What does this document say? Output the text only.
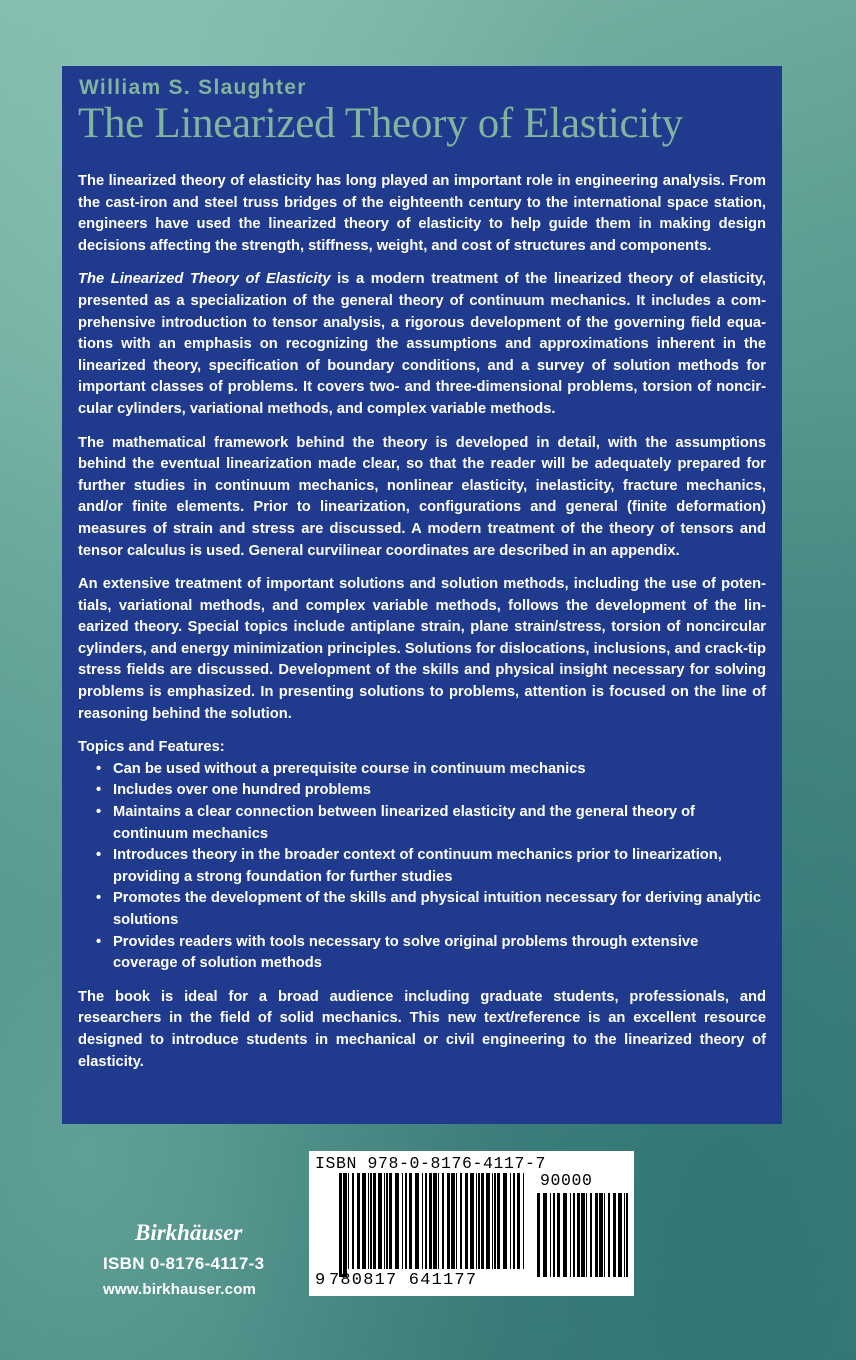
William S. Slaughter
The Linearized Theory of Elasticity

The linearized theory of elasticity has long played an important role in engineering analysis. From the cast-iron and steel truss bridges of the eighteenth century to the international space station, engineers have used the linearized theory of elasticity to help guide them in making design decisions affecting the strength, stiffness, weight, and cost of structures and components.

The Linearized Theory of Elasticity is a modern treatment of the linearized theory of elasticity, presented as a specialization of the general theory of continuum mechanics. It includes a comprehensive introduction to tensor analysis, a rigorous development of the governing field equations with an emphasis on recognizing the assumptions and approximations inherent in the linearized theory, specification of boundary conditions, and a survey of solution methods for important classes of problems. It covers two- and three-dimensional problems, torsion of noncircular cylinders, variational methods, and complex variable methods.

The mathematical framework behind the theory is developed in detail, with the assumptions behind the eventual linearization made clear, so that the reader will be adequately prepared for further studies in continuum mechanics, nonlinear elasticity, inelasticity, fracture mechanics, and/or finite elements. Prior to linearization, configurations and general (finite deformation) measures of strain and stress are discussed. A modern treatment of the theory of tensors and tensor calculus is used. General curvilinear coordinates are described in an appendix.

An extensive treatment of important solutions and solution methods, including the use of potentials, variational methods, and complex variable methods, follows the development of the linearized theory. Special topics include antiplane strain, plane strain/stress, torsion of noncircular cylinders, and energy minimization principles. Solutions for dislocations, inclusions, and crack-tip stress fields are discussed. Development of the skills and physical insight necessary for solving problems is emphasized. In presenting solutions to problems, attention is focused on the line of reasoning behind the solution.

Topics and Features:
• Can be used without a prerequisite course in continuum mechanics
• Includes over one hundred problems
• Maintains a clear connection between linearized elasticity and the general theory of continuum mechanics
• Introduces theory in the broader context of continuum mechanics prior to linearization, providing a strong foundation for further studies
• Promotes the development of the skills and physical intuition necessary for deriving analytic solutions
• Provides readers with tools necessary to solve original problems through extensive coverage of solution methods

The book is ideal for a broad audience including graduate students, professionals, and researchers in the field of solid mechanics. This new text/reference is an excellent resource designed to introduce students in mechanical or civil engineering to the linearized theory of elasticity.

ISBN 978-0-8176-4117-7
90000
9 780817 641177
Birkhäuser
ISBN 0-8176-4117-3
www.birkhauser.com
